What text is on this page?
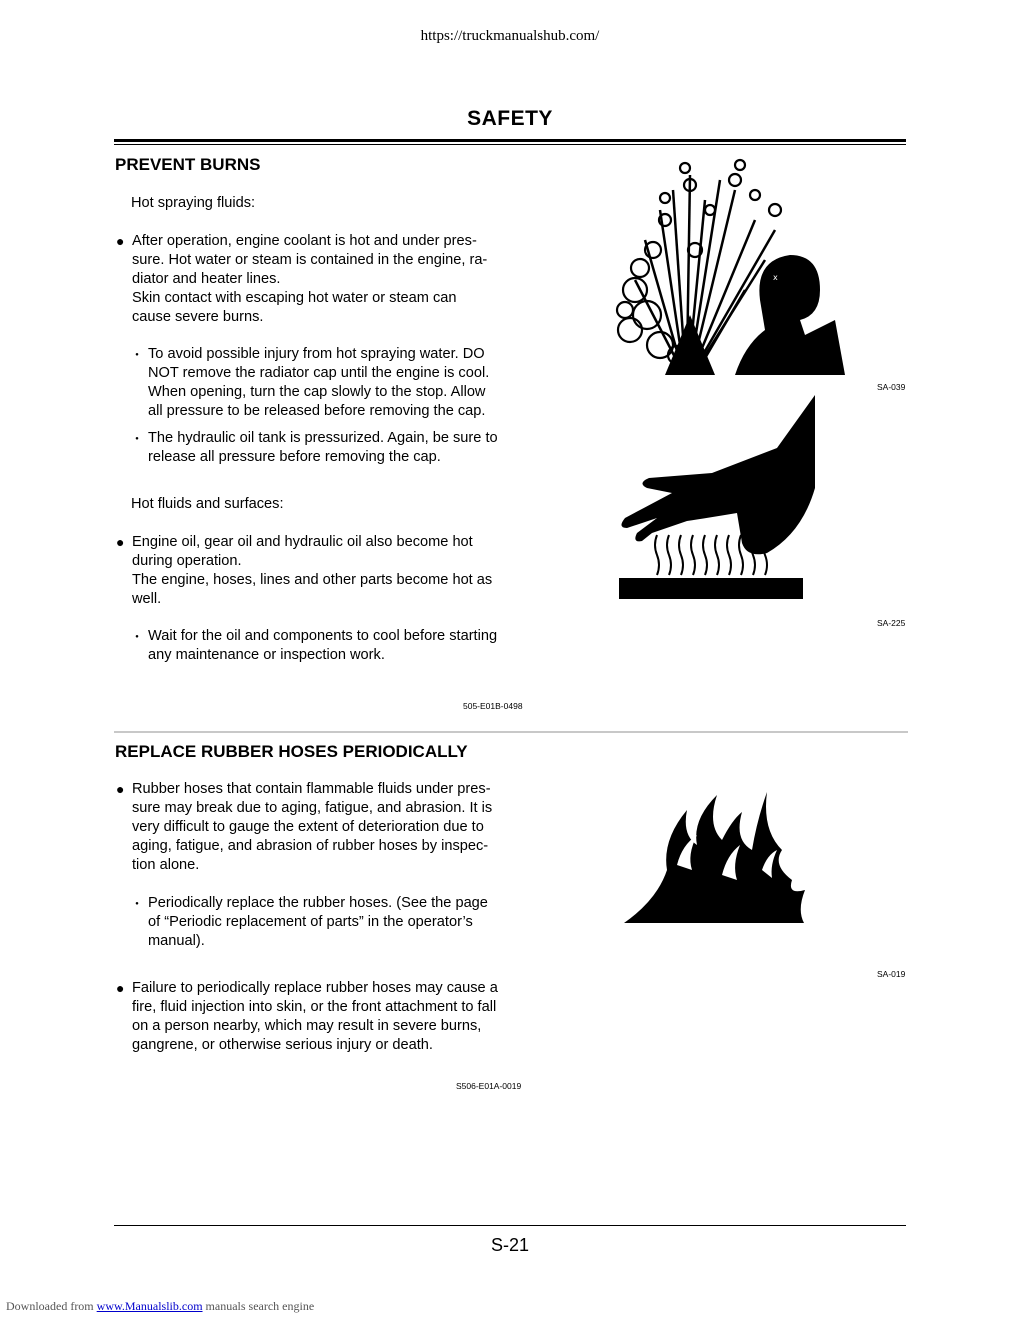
https://truckmanualshub.com/
SAFETY
PREVENT BURNS
Hot spraying fluids:
● After operation, engine coolant is hot and under pres-
sure. Hot water or steam is contained in the engine, ra-
diator and heater lines.
Skin contact with escaping hot water or steam can
cause severe burns.
・ To avoid possible injury from hot spraying water. DO
NOT remove the radiator cap until the engine is cool.
When opening, turn the cap slowly to the stop. Allow
all pressure to be released before removing the cap.
・ The hydraulic oil tank is pressurized. Again, be sure to
release all pressure before removing the cap.
Hot fluids and surfaces:
● Engine oil, gear oil and hydraulic oil also become hot
during operation.
The engine, hoses, lines and other parts become hot as
well.
・ Wait for the oil and components to cool before starting
any maintenance or inspection work.
505-E01B-0498
x
SA-039
SA-225
REPLACE RUBBER HOSES PERIODICALLY
● Rubber hoses that contain flammable fluids under pres-
sure may break due to aging, fatigue, and abrasion. It is
very difficult to gauge the extent of deterioration due to
aging, fatigue, and abrasion of rubber hoses by inspec-
tion alone.
・ Periodically replace the rubber hoses. (See the page
of “Periodic replacement of parts” in the operator’s
manual).
● Failure to periodically replace rubber hoses may cause a
fire, fluid injection into skin, or the front attachment to fall
on a person nearby, which may result in severe burns,
gangrene, or otherwise serious injury or death.
S506-E01A-0019
SA-019
S-21
Downloaded from www.Manualslib.com manuals search engine
